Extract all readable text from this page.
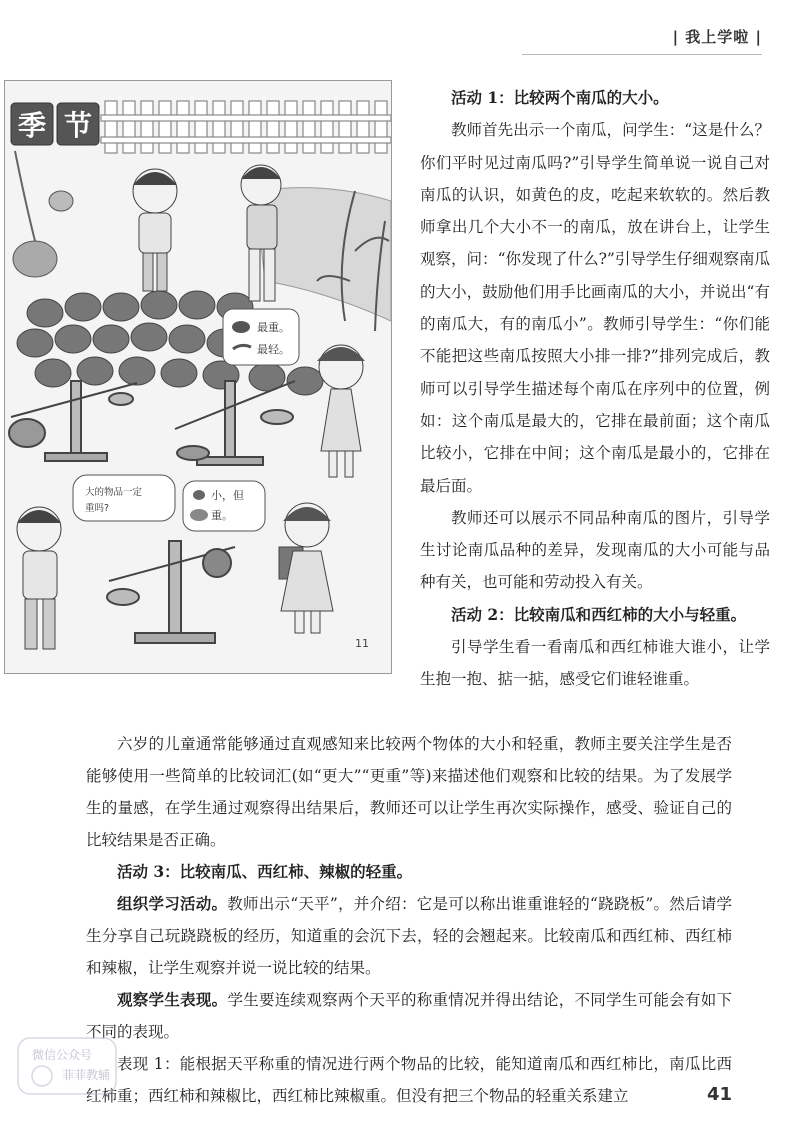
| 我上学啦 |
季 节
最重。
最轻。
大的物品一定
重吗?
小，但
重。
11

活动 1：比较两个南瓜的大小。

教师首先出示一个南瓜，问学生：“这是什么？你们平时见过南瓜吗?”引导学生简单说一说自己对南瓜的认识，如黄色的皮，吃起来软软的。然后教师拿出几个大小不一的南瓜，放在讲台上，让学生观察，问：“你发现了什么?”引导学生仔细观察南瓜的大小，鼓励他们用手比画南瓜的大小，并说出“有的南瓜大，有的南瓜小”。教师引导学生：“你们能不能把这些南瓜按照大小排一排?”排列完成后，教师可以引导学生描述每个南瓜在序列中的位置，例如：这个南瓜是最大的，它排在最前面；这个南瓜比较小，它排在中间；这个南瓜是最小的，它排在最后面。

教师还可以展示不同品种南瓜的图片，引导学生讨论南瓜品种的差异，发现南瓜的大小可能与品种有关，也可能和劳动投入有关。

活动 2：比较南瓜和西红柿的大小与轻重。

引导学生看一看南瓜和西红柿谁大谁小，让学生抱一抱、掂一掂，感受它们谁轻谁重。

六岁的儿童通常能够通过直观感知来比较两个物体的大小和轻重，教师主要关注学生是否能够使用一些简单的比较词汇(如“更大”“更重”等)来描述他们观察和比较的结果。为了发展学生的量感，在学生通过观察得出结果后，教师还可以让学生再次实际操作，感受、验证自己的比较结果是否正确。

活动 3：比较南瓜、西红柿、辣椒的轻重。

组织学习活动。教师出示“天平”，并介绍：它是可以称出谁重谁轻的“跷跷板”。然后请学生分享自己玩跷跷板的经历，知道重的会沉下去，轻的会翘起来。比较南瓜和西红柿、西红柿和辣椒，让学生观察并说一说比较的结果。

观察学生表现。学生要连续观察两个天平的称重情况并得出结论，不同学生可能会有如下不同的表现。

表现 1：能根据天平称重的情况进行两个物品的比较，能知道南瓜和西红柿比，南瓜比西红柿重；西红柿和辣椒比，西红柿比辣椒重。但没有把三个物品的轻重关系建立

微信公众号
菲菲教辅
41
